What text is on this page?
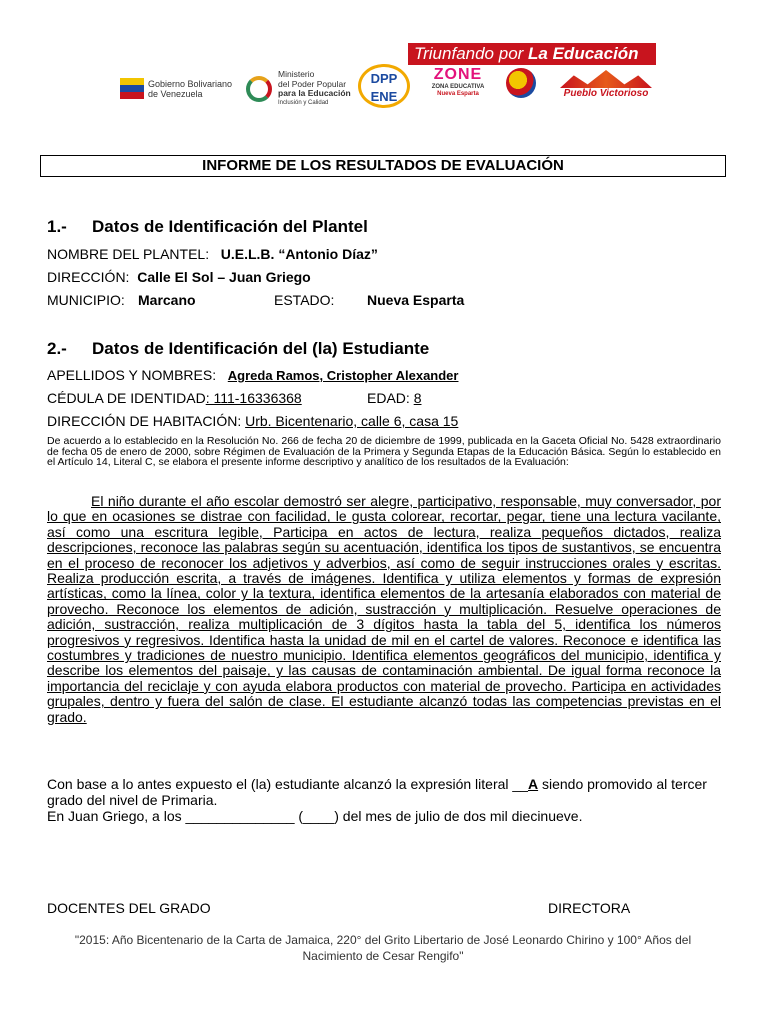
Triunfando por La Educación
Gobierno Bolivariano
de Venezuela
Ministerio
del Poder Popular
para la Educación
Inclusión y Calidad
DPP
ENE
ZONE
ZONA EDUCATIVA
Nueva Esparta	Pueblo Victorioso
INFORME DE LOS RESULTADOS DE EVALUACIÓN
1.- Datos de Identificación del Plantel
NOMBRE DEL PLANTEL: U.E.L.B. “Antonio Díaz”
DIRECCIÓN: Calle El Sol – Juan Griego
MUNICIPIO: Marcano	ESTADO: Nueva Esparta
2.- Datos de Identificación del (la) Estudiante
APELLIDOS Y NOMBRES: Agreda Ramos, Cristopher Alexander
CÉDULA DE IDENTIDAD: 111-16336368	EDAD: 8
DIRECCIÓN DE HABITACIÓN: Urb. Bicentenario, calle 6, casa 15
De acuerdo a lo establecido en la Resolución No. 266 de fecha 20 de diciembre de 1999, publicada en la Gaceta Oficial No. 5428 extraordinario de fecha 05 de enero de 2000, sobre Régimen de Evaluación de la Primera y Segunda Etapas de la Educación Básica. Según lo establecido en el Artículo 14, Literal C, se elabora el presente informe descriptivo y analítico de los resultados de la Evaluación:
El niño durante el año escolar demostró ser alegre, participativo, responsable, muy conversador, por lo que en ocasiones se distrae con facilidad, le gusta colorear, recortar, pegar, tiene una lectura vacilante, así como una escritura legible, Participa en actos de lectura, realiza pequeños dictados, realiza descripciones, reconoce las palabras según su acentuación, identifica los tipos de sustantivos, se encuentra en el proceso de reconocer los adjetivos y adverbios, así como de seguir instrucciones orales y escritas. Realiza producción escrita, a través de imágenes. Identifica y utiliza elementos y formas de expresión artísticas, como la línea, color y la textura, identifica elementos de la artesanía elaborados con material de provecho. Reconoce los elementos de adición, sustracción y multiplicación. Resuelve operaciones de adición, sustracción, realiza multiplicación de 3 dígitos hasta la tabla del 5, identifica los números progresivos y regresivos. Identifica hasta la unidad de mil en el cartel de valores. Reconoce e identifica las costumbres y tradiciones de nuestro municipio. Identifica elementos geográficos del municipio, identifica y describe los elementos del paisaje, y las causas de contaminación ambiental. De igual forma reconoce la importancia del reciclaje y con ayuda elabora productos con material de provecho. Participa en actividades grupales, dentro y fuera del salón de clase. El estudiante alcanzó todas las competencias previstas en el grado.
Con base a lo antes expuesto el (la) estudiante alcanzó la expresión literal __A siendo promovido al tercer grado del nivel de Primaria.
En Juan Griego, a los ______________ (____) del mes de julio de dos mil diecinueve.
DOCENTES DEL GRADO	DIRECTORA
"2015: Año Bicentenario de la Carta de Jamaica, 220° del Grito Libertario de José Leonardo Chirino y 100° Años del
Nacimiento de Cesar Rengifo"
